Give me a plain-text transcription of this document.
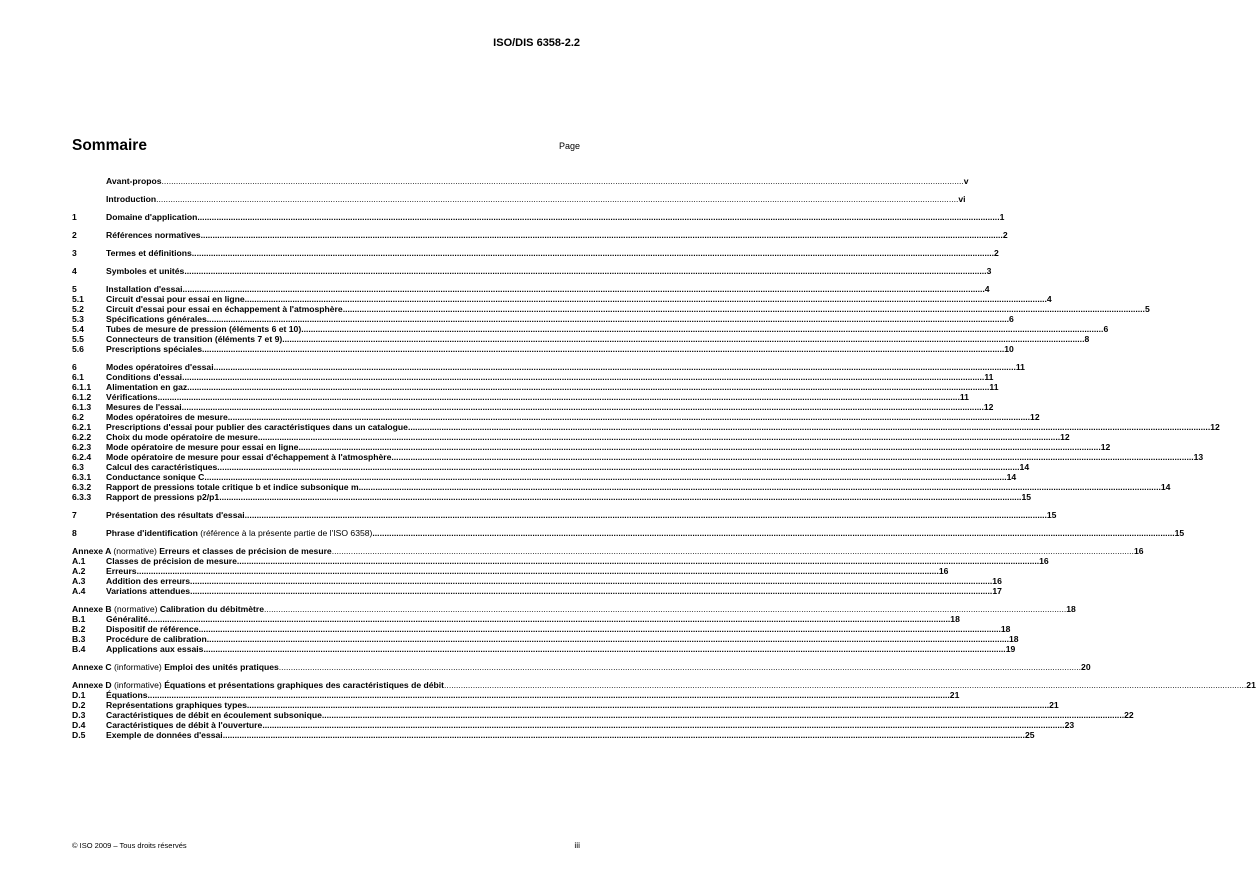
ISO/DIS 6358-2.2
Sommaire	Page
Avant-propos .....	v
Introduction .....	vi
1	Domaine d'application .....	1
2	Références normatives .....	2
3	Termes et définitions .....	2
4	Symboles et unités .....	3
5	Installation d'essai .....	4
5.1	Circuit d'essai pour essai en ligne .....	4
5.2	Circuit d'essai pour essai en échappement à l'atmosphère .....	5
5.3	Spécifications générales .....	6
5.4	Tubes de mesure de pression (éléments 6 et 10) .....	6
5.5	Connecteurs de transition (éléments 7 et 9) .....	8
5.6	Prescriptions spéciales .....	10
6	Modes opératoires d'essai .....	11
6.1	Conditions d'essai .....	11
6.1.1	Alimentation en gaz .....	11
6.1.2	Vérifications .....	11
6.1.3	Mesures de l'essai .....	12
6.2	Modes opératoires de mesure .....	12
6.2.1	Prescriptions d'essai pour publier des caractéristiques dans un catalogue .....	12
6.2.2	Choix du mode opératoire de mesure .....	12
6.2.3	Mode opératoire de mesure pour essai en ligne .....	12
6.2.4	Mode opératoire de mesure pour essai d'échappement à l'atmosphère .....	13
6.3	Calcul des caractéristiques .....	14
6.3.1	Conductance sonique C .....	14
6.3.2	Rapport de pressions totale critique b et indice subsonique m .....	14
6.3.3	Rapport de pressions p2/p1 .....	15
7	Présentation des résultats d'essai .....	15
8	Phrase d'identification (référence à la présente partie de l'ISO 6358) .....	15
Annexe A (normative) Erreurs et classes de précision de mesure .....	16
A.1	Classes de précision de mesure .....	16
A.2	Erreurs .....	16
A.3	Addition des erreurs .....	16
A.4	Variations attendues .....	17
Annexe B (normative) Calibration du débitmètre .....	18
B.1	Généralité .....	18
B.2	Dispositif de référence .....	18
B.3	Procédure de calibration .....	18
B.4	Applications aux essais .....	19
Annexe C (informative) Emploi des unités pratiques .....	20
Annexe D (informative) Équations et présentations graphiques des caractéristiques de débit .....	21
D.1	Équations .....	21
D.2	Représentations graphiques types .....	21
D.3	Caractéristiques de débit en écoulement subsonique .....	22
D.4	Caractéristiques de débit à l'ouverture .....	23
D.5	Exemple de données d'essai .....	25
© ISO 2009 – Tous droits réservés	iii
